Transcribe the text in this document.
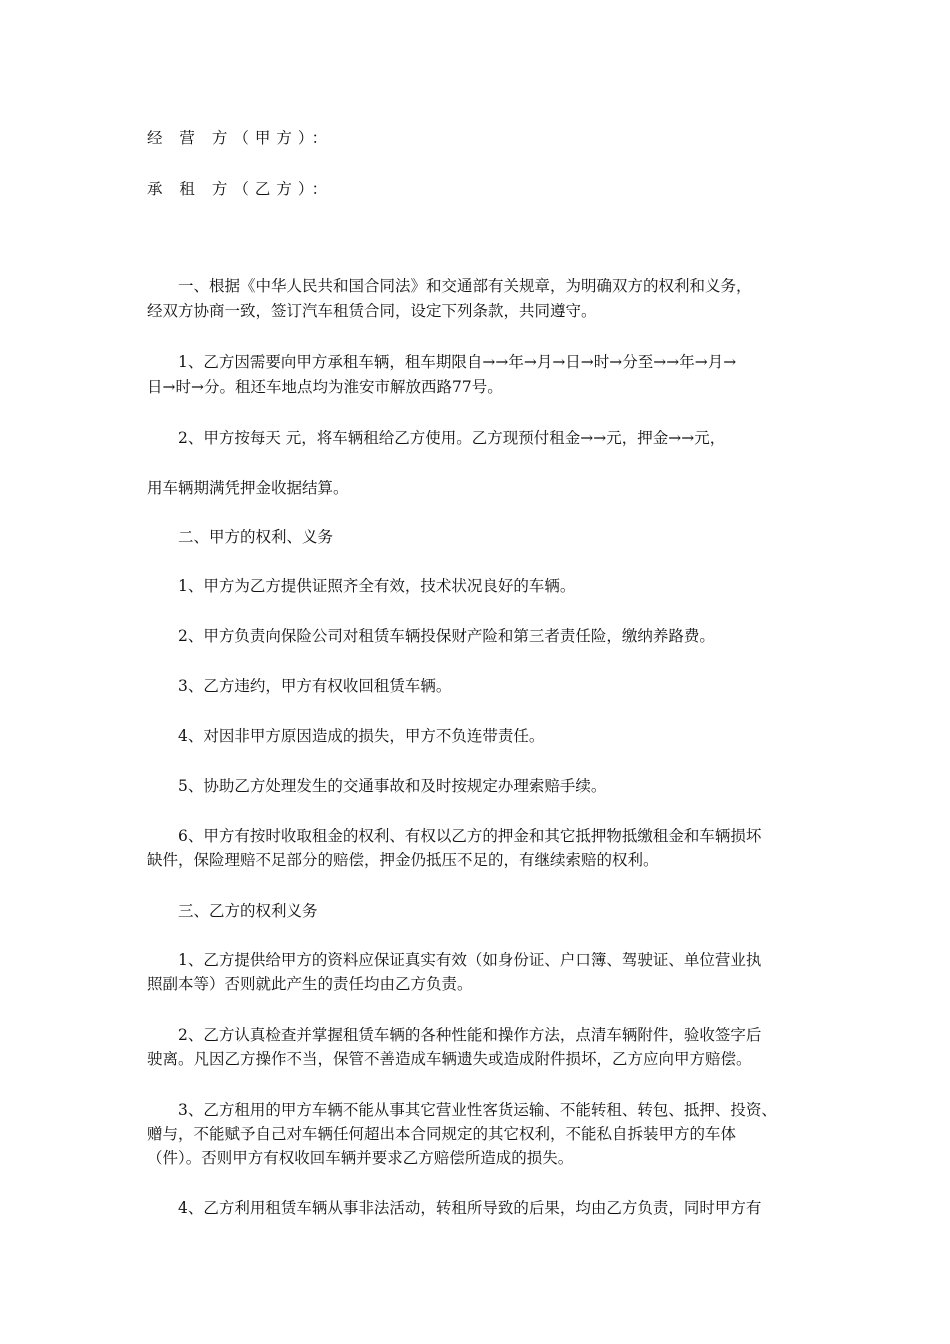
经 营 方（甲方）：
承 租 方（乙方）：
一、根据《中华人民共和国合同法》和交通部有关规章，为明确双方的权利和义务，
经双方协商一致，签订汽车租赁合同，设定下列条款，共同遵守。
1、乙方因需要向甲方承租车辆，租车期限自→→年→月→日→时→分至→→年→月→
日→时→分。租还车地点均为淮安市解放西路77号。
2、甲方按每天 元，将车辆租给乙方使用。乙方现预付租金→→元，押金→→元，
用车辆期满凭押金收据结算。
二、甲方的权利、义务
1、甲方为乙方提供证照齐全有效，技术状况良好的车辆。
2、甲方负责向保险公司对租赁车辆投保财产险和第三者责任险，缴纳养路费。
3、乙方违约，甲方有权收回租赁车辆。
4、对因非甲方原因造成的损失，甲方不负连带责任。
5、协助乙方处理发生的交通事故和及时按规定办理索赔手续。
6、甲方有按时收取租金的权利、有权以乙方的押金和其它抵押物抵缴租金和车辆损坏
缺件，保险理赔不足部分的赔偿，押金仍抵压不足的，有继续索赔的权利。
三、乙方的权利义务
1、乙方提供给甲方的资料应保证真实有效（如身份证、户口簿、驾驶证、单位营业执
照副本等）否则就此产生的责任均由乙方负责。
2、乙方认真检查并掌握租赁车辆的各种性能和操作方法，点清车辆附件，验收签字后
驶离。凡因乙方操作不当，保管不善造成车辆遗失或造成附件损坏，乙方应向甲方赔偿。
3、乙方租用的甲方车辆不能从事其它营业性客货运输、不能转租、转包、抵押、投资、
赠与，不能赋予自己对车辆任何超出本合同规定的其它权利，不能私自拆装甲方的车体
（件）。否则甲方有权收回车辆并要求乙方赔偿所造成的损失。
4、乙方利用租赁车辆从事非法活动，转租所导致的后果，均由乙方负责，同时甲方有
